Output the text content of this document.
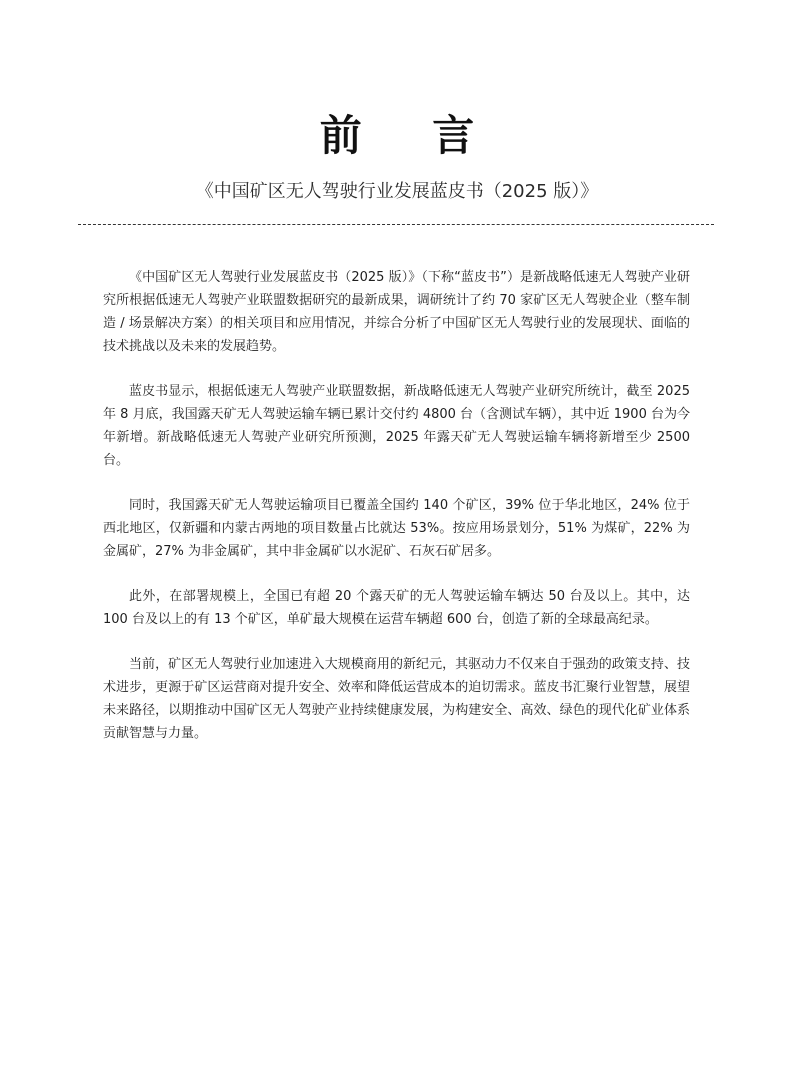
前 言
《中国矿区无人驾驶行业发展蓝皮书（2025 版）》

《中国矿区无人驾驶行业发展蓝皮书（2025 版）》（下称“蓝皮书”）是新战略低速无人驾驶产业研究所根据低速无人驾驶产业联盟数据研究的最新成果，调研统计了约 70 家矿区无人驾驶企业（整车制造 / 场景解决方案）的相关项目和应用情况，并综合分析了中国矿区无人驾驶行业的发展现状、面临的技术挑战以及未来的发展趋势。

蓝皮书显示，根据低速无人驾驶产业联盟数据，新战略低速无人驾驶产业研究所统计，截至 2025 年 8 月底，我国露天矿无人驾驶运输车辆已累计交付约 4800 台（含测试车辆），其中近 1900 台为今年新增。新战略低速无人驾驶产业研究所预测，2025 年露天矿无人驾驶运输车辆将新增至少 2500 台。

同时，我国露天矿无人驾驶运输项目已覆盖全国约 140 个矿区，39% 位于华北地区，24% 位于西北地区，仅新疆和内蒙古两地的项目数量占比就达 53%。按应用场景划分，51% 为煤矿，22% 为金属矿，27% 为非金属矿，其中非金属矿以水泥矿、石灰石矿居多。

此外，在部署规模上，全国已有超 20 个露天矿的无人驾驶运输车辆达 50 台及以上。其中，达 100 台及以上的有 13 个矿区，单矿最大规模在运营车辆超 600 台，创造了新的全球最高纪录。

当前，矿区无人驾驶行业加速进入大规模商用的新纪元，其驱动力不仅来自于强劲的政策支持、技术进步，更源于矿区运营商对提升安全、效率和降低运营成本的迫切需求。蓝皮书汇聚行业智慧，展望未来路径，以期推动中国矿区无人驾驶产业持续健康发展，为构建安全、高效、绿色的现代化矿业体系贡献智慧与力量。
